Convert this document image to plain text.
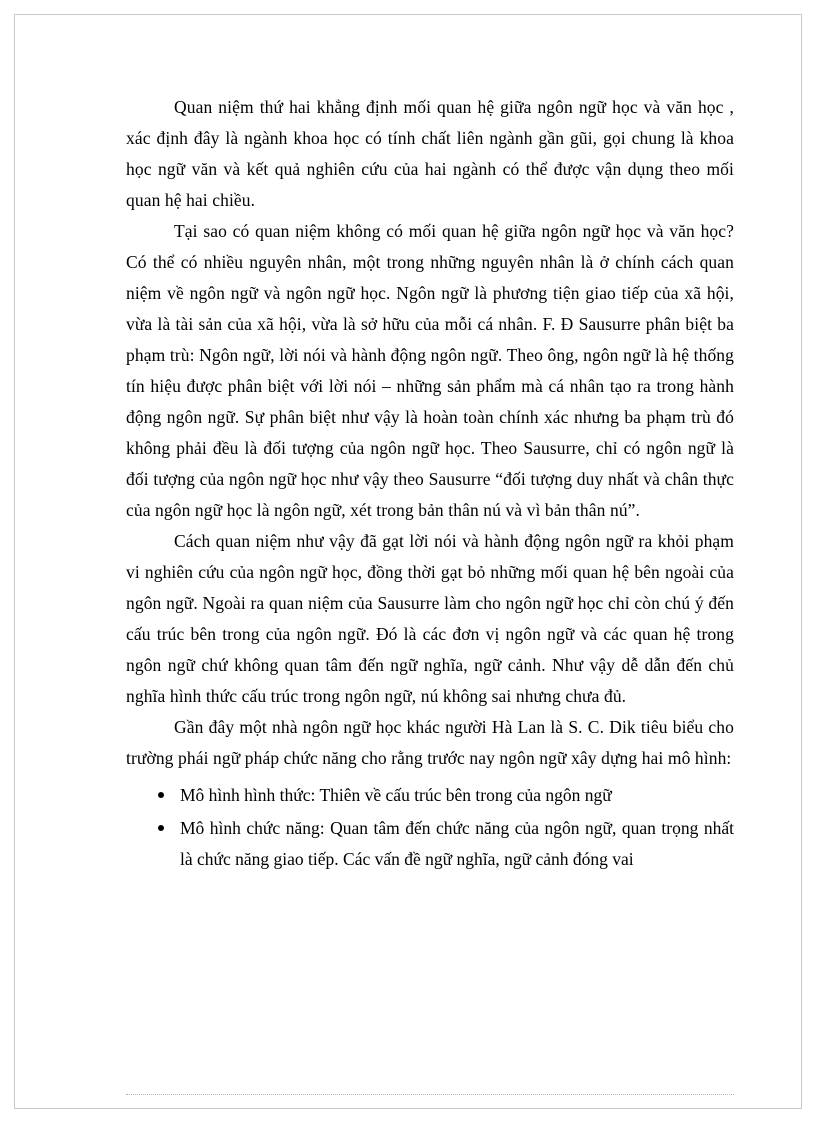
Quan niệm thứ hai khẳng định mối quan hệ giữa ngôn ngữ học và văn học , xác định đây là ngành khoa học có tính chất liên ngành gần gũi, gọi chung là khoa học ngữ văn và kết quả nghiên cứu của hai ngành có thể được vận dụng theo mối quan hệ hai chiều.

Tại sao có quan niệm không có mối quan hệ giữa ngôn ngữ học và văn học? Có thể có nhiều nguyên nhân, một trong những nguyên nhân là ở chính cách quan niệm về ngôn ngữ và ngôn ngữ học. Ngôn ngữ là phương tiện giao tiếp của xã hội, vừa là tài sản của xã hội, vừa là sở hữu của mỗi cá nhân. F. Đ Sausurre phân biệt ba phạm trù: Ngôn ngữ, lời nói và hành động ngôn ngữ. Theo ông, ngôn ngữ là hệ thống tín hiệu được phân biệt với lời nói – những sản phẩm mà cá nhân tạo ra trong hành động ngôn ngữ. Sự phân biệt như vậy là hoàn toàn chính xác nhưng ba phạm trù đó không phải đều là đối tượng của ngôn ngữ học. Theo Sausurre, chỉ có ngôn ngữ là đối tượng của ngôn ngữ học như vậy theo Sausurre “đối tượng duy nhất và chân thực của ngôn ngữ học là ngôn ngữ, xét trong bản thân nú và vì bản thân nú”.

Cách quan niệm như vậy đã gạt lời nói và hành động ngôn ngữ ra khỏi phạm vi nghiên cứu của ngôn ngữ học, đồng thời gạt bỏ những mối quan hệ bên ngoài của ngôn ngữ. Ngoài ra quan niệm của Sausurre làm cho ngôn ngữ học chỉ còn chú ý đến cấu trúc bên trong của ngôn ngữ. Đó là các đơn vị ngôn ngữ và các quan hệ trong ngôn ngữ chứ không quan tâm đến ngữ nghĩa, ngữ cảnh. Như vậy dễ dẫn đến chủ nghĩa hình thức cấu trúc trong ngôn ngữ, nú không sai nhưng chưa đủ.

Gần đây một nhà ngôn ngữ học khác người Hà Lan là S. C. Dik tiêu biểu cho trường phái ngữ pháp chức năng cho rằng trước nay ngôn ngữ xây dựng hai mô hình:

Mô hình hình thức: Thiên về cấu trúc bên trong của ngôn ngữ
Mô hình chức năng: Quan tâm đến chức năng của ngôn ngữ, quan trọng nhất là chức năng giao tiếp. Các vấn đề ngữ nghĩa, ngữ cảnh đóng vai
